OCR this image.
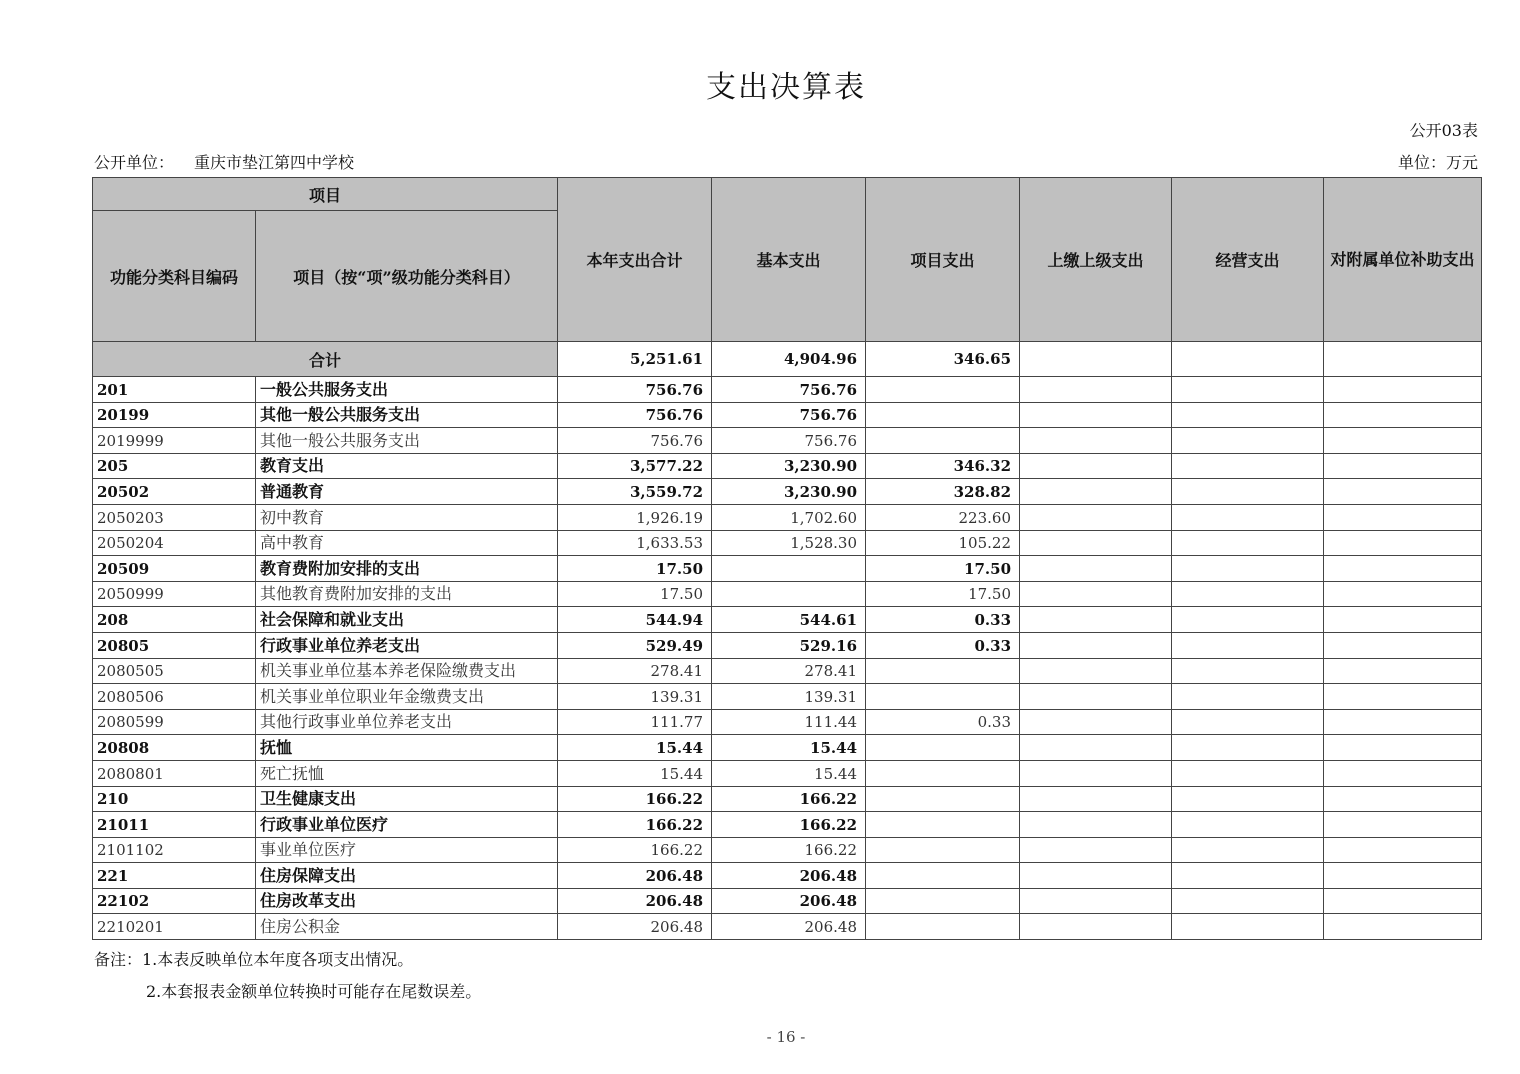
支出决算表
公开03表
公开单位： 重庆市垫江第四中学校	单位：万元
项目		本年支出合计	基本支出	项目支出	上缴上级支出	经营支出	对附属单位补助支出
功能分类科目编码	项目（按“项”级功能分类科目）						
合计		5,251.61	4,904.96	346.65			
201	一般公共服务支出	756.76	756.76				
20199	其他一般公共服务支出	756.76	756.76				
2019999	其他一般公共服务支出	756.76	756.76				
205	教育支出	3,577.22	3,230.90	346.32			
20502	普通教育	3,559.72	3,230.90	328.82			
2050203	初中教育	1,926.19	1,702.60	223.60			
2050204	高中教育	1,633.53	1,528.30	105.22			
20509	教育费附加安排的支出	17.50		17.50			
2050999	其他教育费附加安排的支出	17.50		17.50			
208	社会保障和就业支出	544.94	544.61	0.33			
20805	行政事业单位养老支出	529.49	529.16	0.33			
2080505	机关事业单位基本养老保险缴费支出	278.41	278.41				
2080506	机关事业单位职业年金缴费支出	139.31	139.31				
2080599	其他行政事业单位养老支出	111.77	111.44	0.33			
20808	抚恤	15.44	15.44				
2080801	死亡抚恤	15.44	15.44				
210	卫生健康支出	166.22	166.22				
21011	行政事业单位医疗	166.22	166.22				
2101102	事业单位医疗	166.22	166.22				
221	住房保障支出	206.48	206.48				
22102	住房改革支出	206.48	206.48				
2210201	住房公积金	206.48	206.48				
备注：1.本表反映单位本年度各项支出情况。
2.本套报表金额单位转换时可能存在尾数误差。
- 16 -
